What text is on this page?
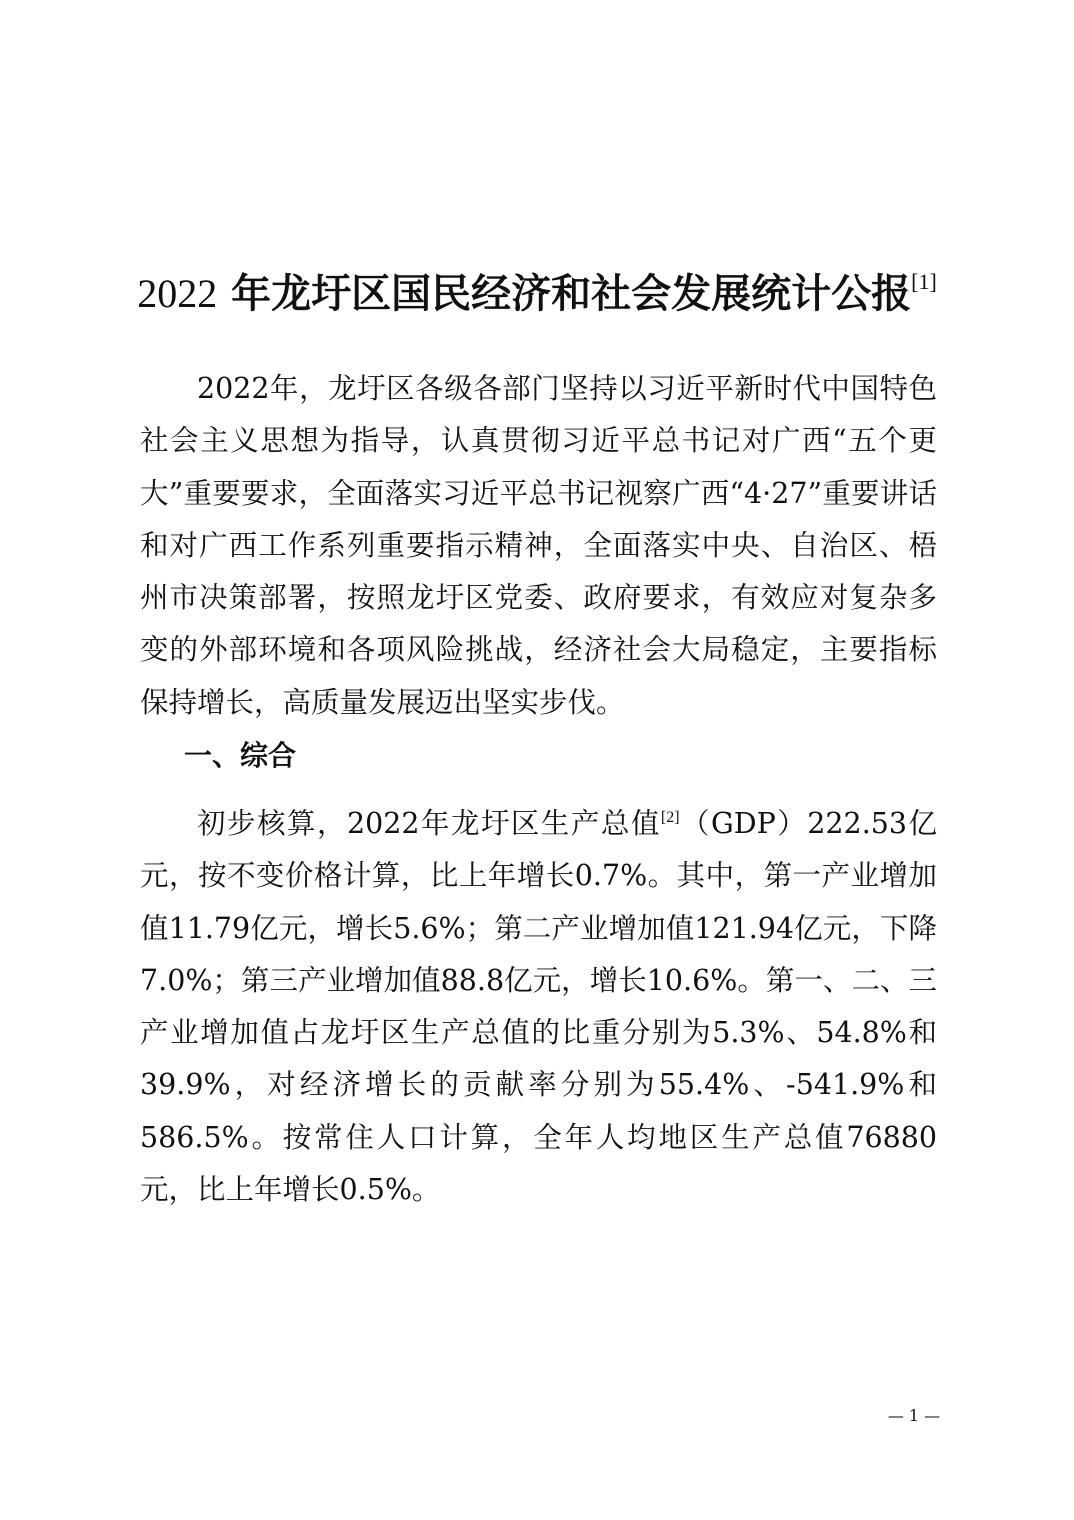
2022 年龙圩区国民经济和社会发展统计公报[1]

2022年，龙圩区各级各部门坚持以习近平新时代中国特色社会主义思想为指导，认真贯彻习近平总书记对广西“五个更大”重要要求，全面落实习近平总书记视察广西“4·27”重要讲话和对广西工作系列重要指示精神，全面落实中央、自治区、梧州市决策部署，按照龙圩区党委、政府要求，有效应对复杂多变的外部环境和各项风险挑战，经济社会大局稳定，主要指标保持增长，高质量发展迈出坚实步伐。

一、综合

初步核算，2022年龙圩区生产总值[2]（GDP）222.53亿元，按不变价格计算，比上年增长0.7%。其中，第一产业增加值11.79亿元，增长5.6%；第二产业增加值121.94亿元，下降7.0%；第三产业增加值88.8亿元，增长10.6%。第一、二、三产业增加值占龙圩区生产总值的比重分别为5.3%、54.8%和39.9%，对经济增长的贡献率分别为55.4%、-541.9%和586.5%。按常住人口计算，全年人均地区生产总值76880元，比上年增长0.5%。

— 1 —
